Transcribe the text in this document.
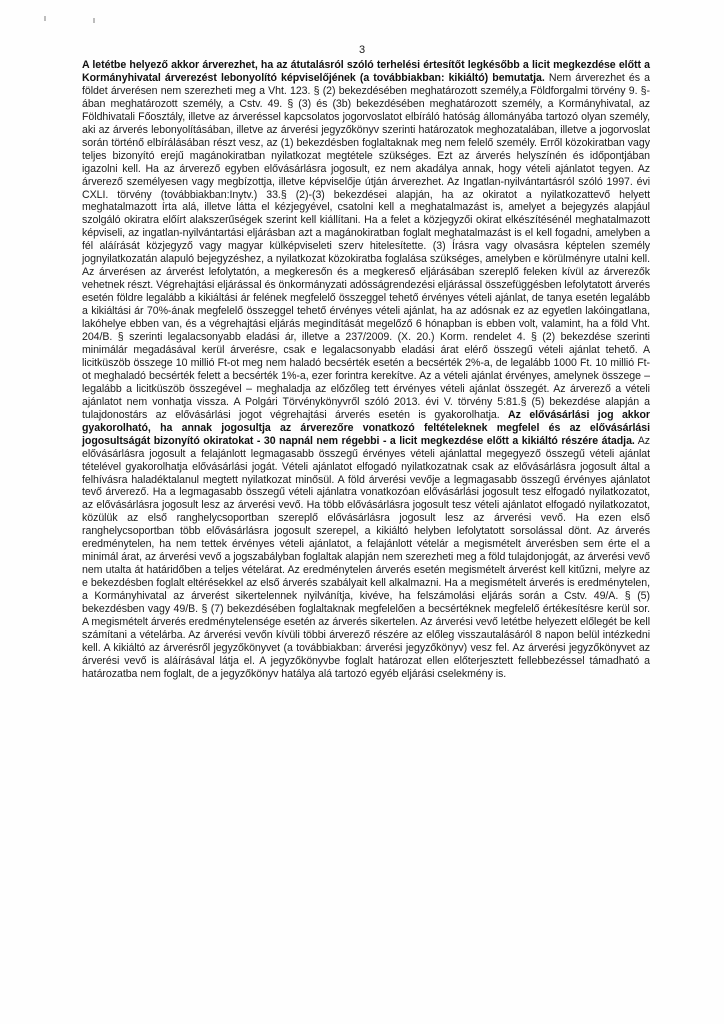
3

A letétbe helyező akkor árverezhet, ha az átutalásról szóló terhelési értesítőt legkésőbb a licit megkezdése előtt a Kormányhivatal árverezést lebonyolító képviselőjének (a továbbiakban: kikiáltó) bemutatja. Nem árverezhet és a földet árverésen nem szerezheti meg a Vht. 123. § (2) bekezdésében meghatározott személy,a Földforgalmi törvény 9. §-ában meghatározott személy, a Cstv. 49. § (3) és (3b) bekezdésében meghatározott személy, a Kormányhivatal, az Földhivatali Főosztály, illetve az árveréssel kapcsolatos jogorvoslatot elbíráló hatóság állományába tartozó olyan személy, aki az árverés lebonyolításában, illetve az árverési jegyzőkönyv szerinti határozatok meghozatalában, illetve a jogorvoslat során történő elbírálásában részt vesz, az (1) bekezdésben foglaltaknak meg nem felelő személy. Erről közokiratban vagy teljes bizonyító erejű magánokiratban nyilatkozat megtétele szükséges. Ezt az árverés helyszínén és időpontjában igazolni kell. Ha az árverező egyben elővásárlásra jogosult, ez nem akadálya annak, hogy vételi ajánlatot tegyen. Az árverező személyesen vagy megbízottja, illetve képviselője útján árverezhet. Az Ingatlan-nyilvántartásról szóló 1997. évi CXLI. törvény (továbbiakban:Inytv.) 33.§ (2)-(3) bekezdései alapján, ha az okiratot a nyilatkozattevő helyett meghatalmazott írta alá, illetve látta el kézjegyével, csatolni kell a meghatalmazást is, amelyet a bejegyzés alapjául szolgáló okiratra előírt alakszerűségek szerint kell kiállítani. Ha a felet a közjegyzői okirat elkészítésénél meghatalmazott képviseli, az ingatlan-nyilvántartási eljárásban azt a magánokiratban foglalt meghatalmazást is el kell fogadni, amelyben a fél aláírását közjegyző vagy magyar külképviseleti szerv hitelesítette. (3) Írásra vagy olvasásra képtelen személy jognyilatkozatán alapuló bejegyzéshez, a nyilatkozat közokiratba foglalása szükséges, amelyben e körülményre utalni kell. Az árverésen az árverést lefolytatón, a megkeresőn és a megkereső eljárásában szereplő feleken kívül az árverezők vehetnek részt. Végrehajtási eljárással és önkormányzati adósságrendezési eljárással összefüggésben lefolytatott árverés esetén földre legalább a kikiáltási ár felének megfelelő összeggel tehető érvényes vételi ajánlat, de tanya esetén legalább a kikiáltási ár 70%-ának megfelelő összeggel tehető érvényes vételi ajánlat, ha az adósnak ez az egyetlen lakóingatlana, lakóhelye ebben van, és a végrehajtási eljárás megindítását megelőző 6 hónapban is ebben volt, valamint, ha a föld Vht. 204/B. § szerinti legalacsonyabb eladási ár, illetve a 237/2009. (X. 20.) Korm. rendelet 4. § (2) bekezdése szerinti minimálár megadásával kerül árverésre, csak e legalacsonyabb eladási árat elérő összegű vételi ajánlat tehető. A licitküszöb összege 10 millió Ft-ot meg nem haladó becsérték esetén a becsérték 2%-a, de legalább 1000 Ft. 10 millió Ft-ot meghaladó becsérték felett a becsérték 1%-a, ezer forintra kerekítve. Az a vételi ajánlat érvényes, amelynek összege – legalább a licitküszöb összegével – meghaladja az előzőleg tett érvényes vételi ajánlat összegét. Az árverező a vételi ajánlatot nem vonhatja vissza. A Polgári Törvénykönyvről szóló 2013. évi V. törvény 5:81.§ (5) bekezdése alapján a tulajdonostárs az elővásárlási jogot végrehajtási árverés esetén is gyakorolhatja. Az elővásárlási jog akkor gyakorolható, ha annak jogosultja az árverezőre vonatkozó feltételeknek megfelel és az elővásárlási jogosultságát bizonyító okiratokat - 30 napnál nem régebbi - a licit megkezdése előtt a kikiáltó részére átadja. Az elővásárlásra jogosult a felajánlott legmagasabb összegű érvényes vételi ajánlattal megegyező összegű vételi ajánlat tételével gyakorolhatja elővásárlási jogát. Vételi ajánlatot elfogadó nyilatkozatnak csak az elővásárlásra jogosult által a felhívásra haladéktalanul megtett nyilatkozat minősül. A föld árverési vevője a legmagasabb összegű érvényes ajánlatot tevő árverező. Ha a legmagasabb összegű vételi ajánlatra vonatkozóan elővásárlási jogosult tesz elfogadó nyilatkozatot, az elővásárlásra jogosult lesz az árverési vevő. Ha több elővásárlásra jogosult tesz vételi ajánlatot elfogadó nyilatkozatot, közülük az első ranghelycsoportban szereplő elővásárlásra jogosult lesz az árverési vevő. Ha ezen első ranghelycsoportban több elővásárlásra jogosult szerepel, a kikiáltó helyben lefolytatott sorsolással dönt. Az árverés eredménytelen, ha nem tettek érvényes vételi ajánlatot, a felajánlott vételár a megismételt árverésben sem érte el a minimál árat, az árverési vevő a jogszabályban foglaltak alapján nem szerezheti meg a föld tulajdonjogát, az árverési vevő nem utalta át határidőben a teljes vételárat. Az eredménytelen árverés esetén megismételt árverést kell kitűzni, melyre az e bekezdésben foglalt eltérésekkel az első árverés szabályait kell alkalmazni. Ha a megismételt árverés is eredménytelen, a Kormányhivatal az árverést sikertelennek nyilvánítja, kivéve, ha felszámolási eljárás során a Cstv. 49/A. § (5) bekezdésben vagy 49/B. § (7) bekezdésében foglaltaknak megfelelően a becsértéknek megfelelő értékesítésre kerül sor. A megismételt árverés eredménytelensége esetén az árverés sikertelen. Az árverési vevő letétbe helyezett előlegét be kell számítani a vételárba. Az árverési vevőn kívüli többi árverező részére az előleg visszautalásáról 8 napon belül intézkedni kell. A kikiáltó az árverésről jegyzőkönyvet (a továbbiakban: árverési jegyzőkönyv) vesz fel. Az árverési jegyzőkönyvet az árverési vevő is aláírásával látja el. A jegyzőkönyvbe foglalt határozat ellen előterjesztett fellebbezéssel támadható a határozatba nem foglalt, de a jegyzőkönyv hatálya alá tartozó egyéb eljárási cselekmény is.
